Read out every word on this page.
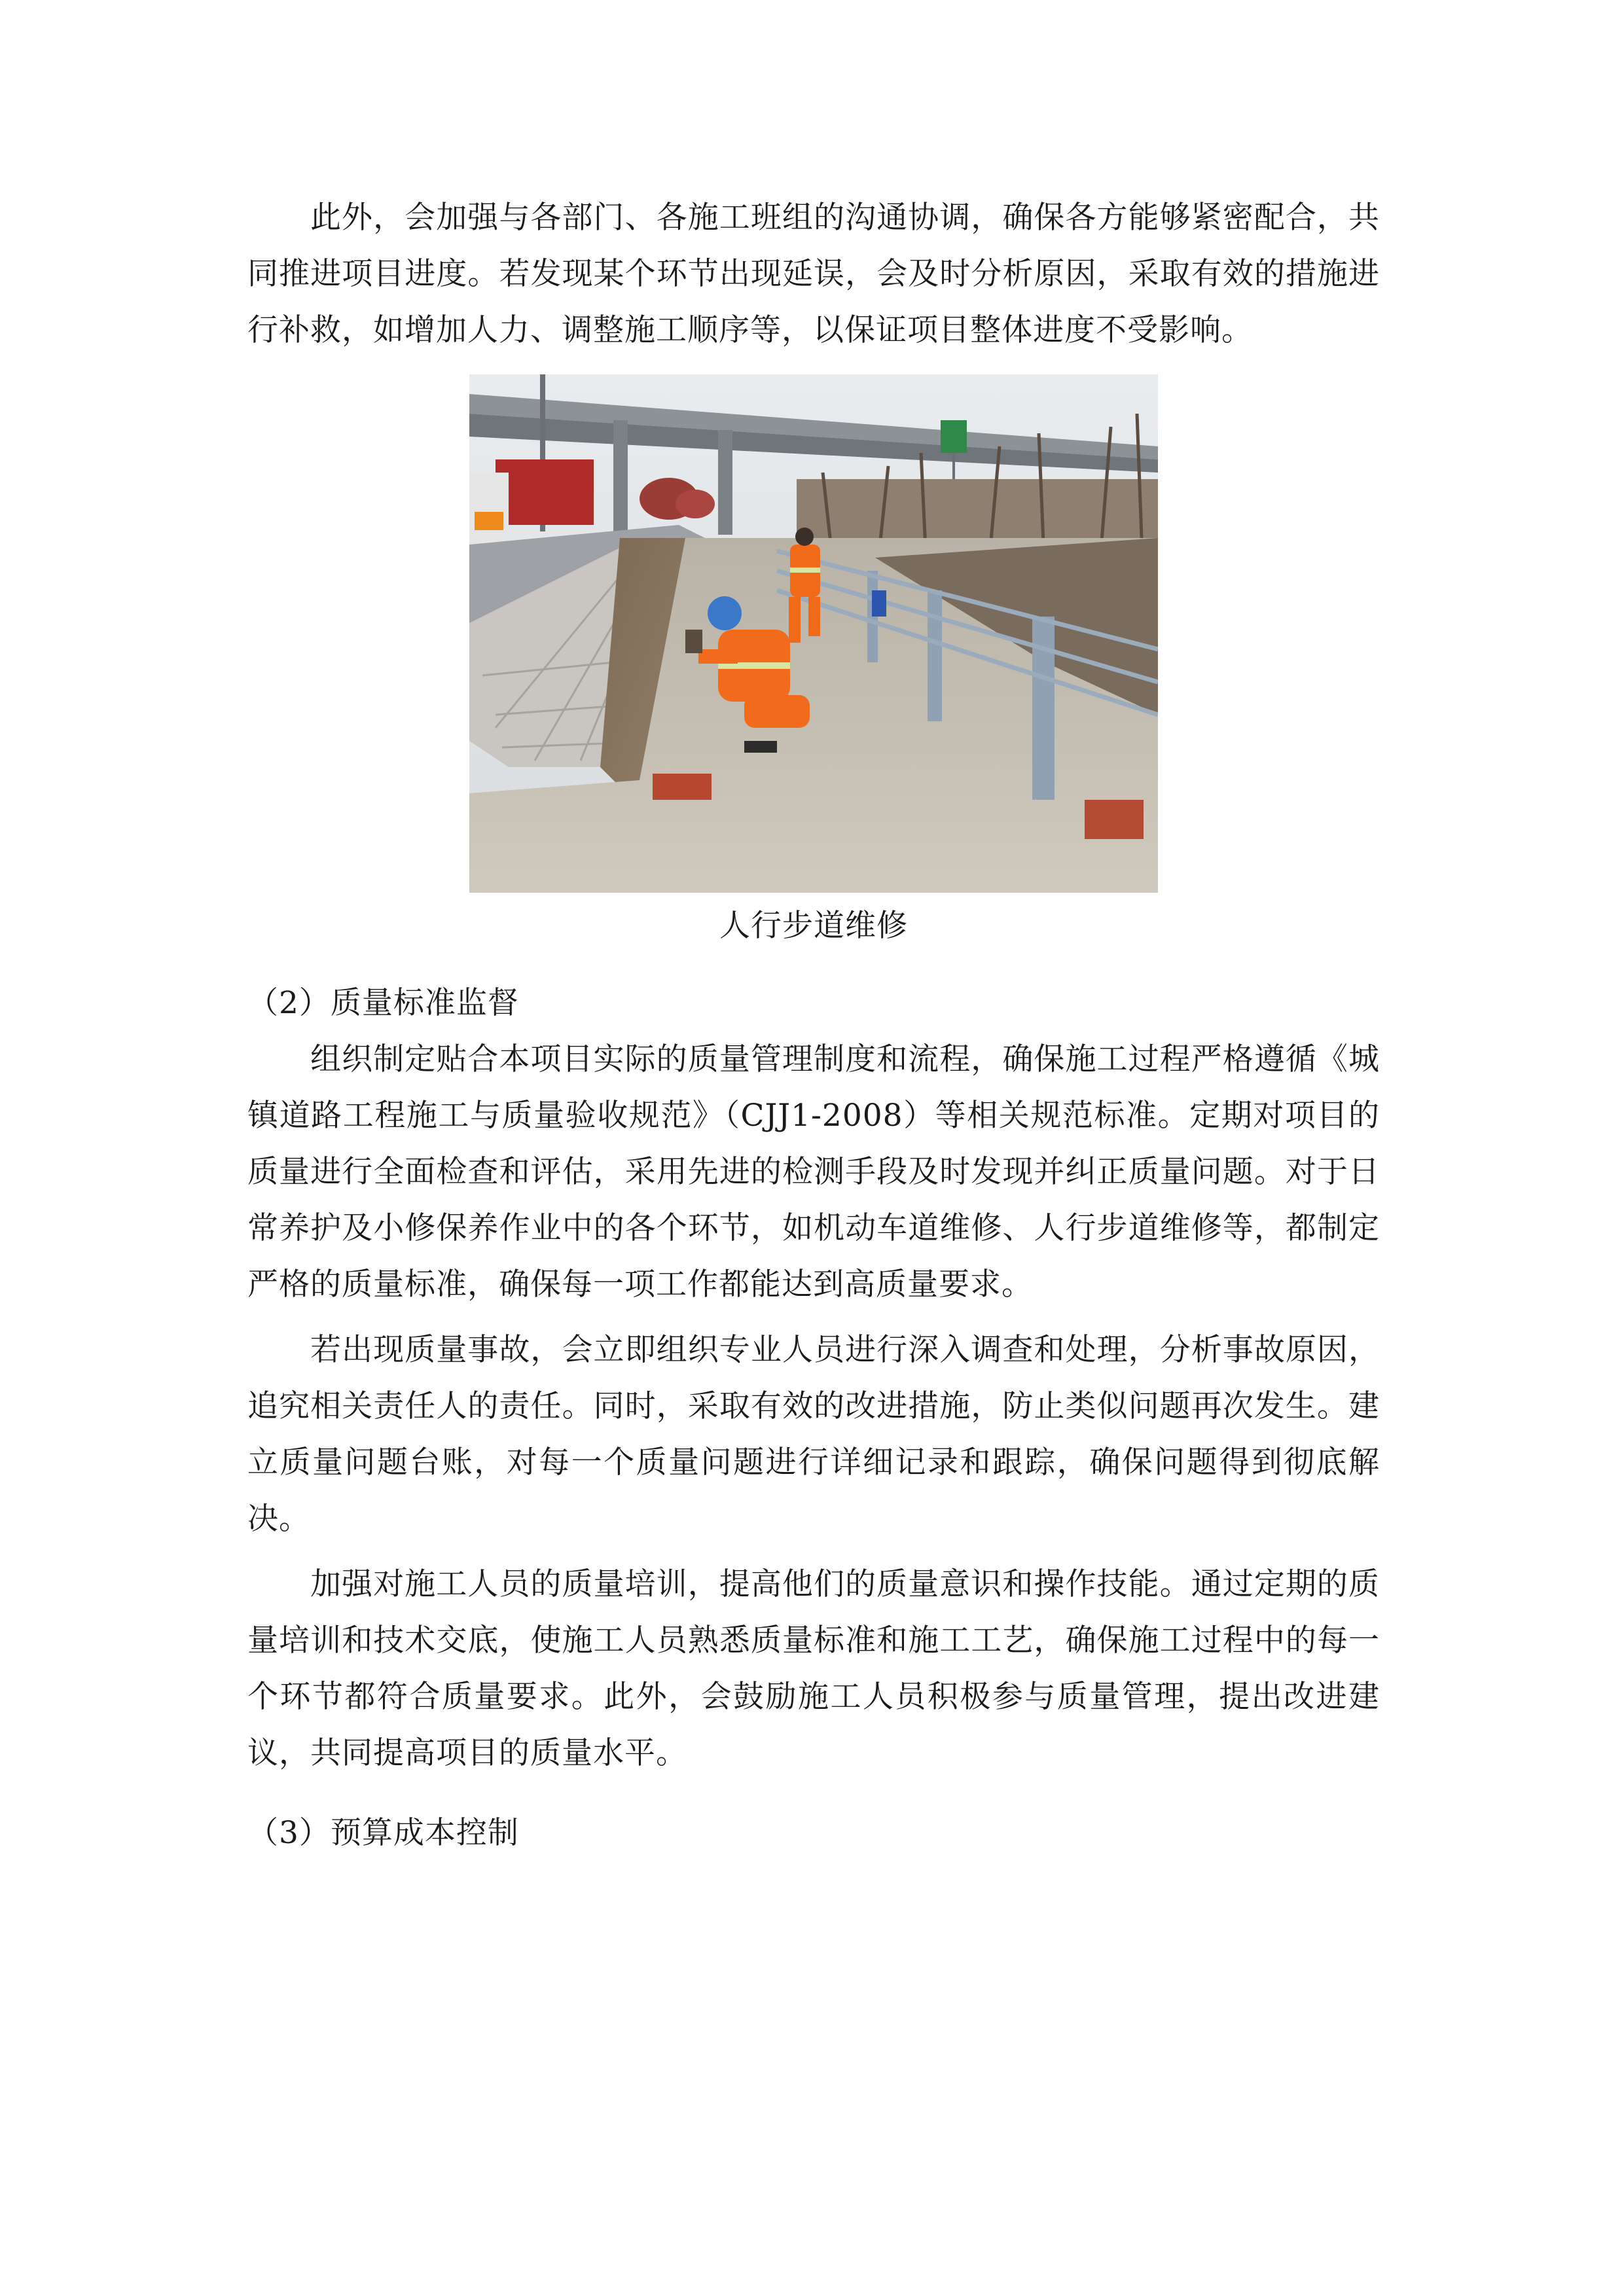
此外，会加强与各部门、各施工班组的沟通协调，确保各方能够紧密配合，共同推进项目进度。若发现某个环节出现延误，会及时分析原因，采取有效的措施进行补救，如增加人力、调整施工顺序等，以保证项目整体进度不受影响。

人行步道维修
（2）质量标准监督

组织制定贴合本项目实际的质量管理制度和流程，确保施工过程严格遵循《城镇道路工程施工与质量验收规范》（CJJ1-2008）等相关规范标准。定期对项目的质量进行全面检查和评估，采用先进的检测手段及时发现并纠正质量问题。对于日常养护及小修保养作业中的各个环节，如机动车道维修、人行步道维修等，都制定严格的质量标准，确保每一项工作都能达到高质量要求。

若出现质量事故，会立即组织专业人员进行深入调查和处理，分析事故原因，追究相关责任人的责任。同时，采取有效的改进措施，防止类似问题再次发生。建立质量问题台账，对每一个质量问题进行详细记录和跟踪，确保问题得到彻底解决。

加强对施工人员的质量培训，提高他们的质量意识和操作技能。通过定期的质量培训和技术交底，使施工人员熟悉质量标准和施工工艺，确保施工过程中的每一个环节都符合质量要求。此外，会鼓励施工人员积极参与质量管理，提出改进建议，共同提高项目的质量水平。

（3）预算成本控制
